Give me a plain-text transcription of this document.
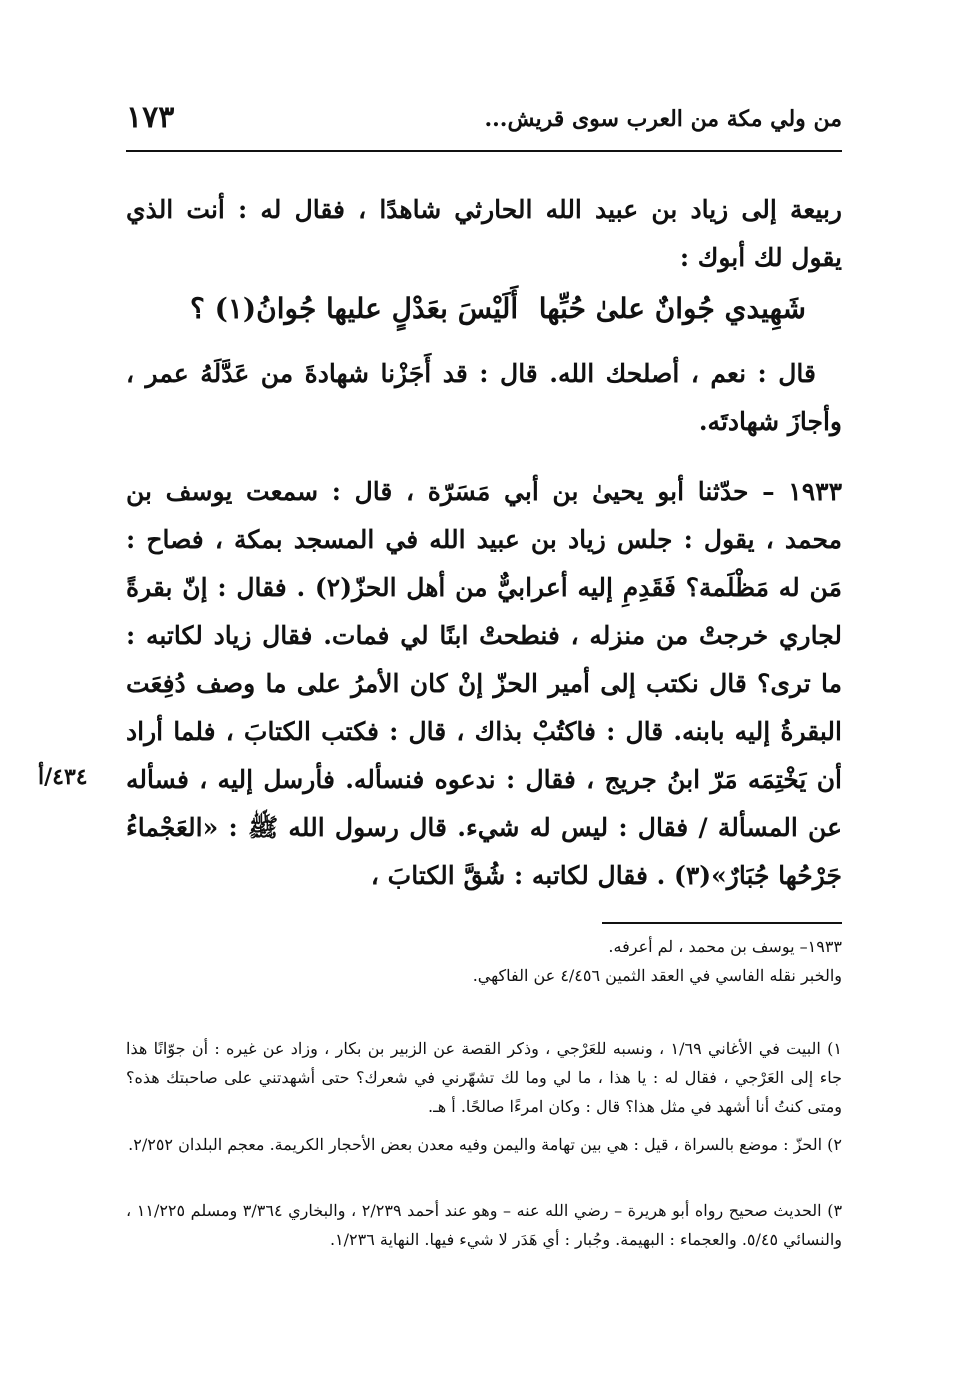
من ولي مكة من العرب سوى قريش...
١٧٣
ربيعة إلى زياد بن عبيد الله الحارثي شاهدًا ، فقال له : أنت الذي يقول لك أبوك :
شَهِيدي جُوانٌ علىٰ حُبِّها
أَلَيْسَ بعَدْلٍ عليها جُوانُ(١) ؟
قال : نعم ، أصلحك الله. قال : قد أَجَزْنا شهادةَ من عَدَّلَهُ عمر ، وأجازَ شهادتَه.
١٩٣٣ – حدّثنا أبو يحيىٰ بن أبي مَسَرّة ، قال : سمعت يوسف بن محمد ، يقول : جلس زياد بن عبيد الله في المسجد بمكة ، فصاح : مَن له مَظْلَمة؟ فَقَدِمِ إليه أعرابيٌّ من أهل الحزّ(٢) . فقال : إنّ بقرةً لجاري خرجتْ من منزله ، فنطحتْ ابنًا لي فمات. فقال زياد لكاتبه : ما ترى؟ قال نكتب إلى أمير الحزّ إنْ كان الأمرُ على ما وصف دُفِعَت البقرةُ إليه بابنه. قال : فاكتُبْ بذاك ، قال : فكتب الكتابَ ، فلما أراد أن يَخْتِمَه مَرّ ابنُ جريج ، فقال : ندعوه فنسأله. فأرسل إليه ، فسأله عن المسألة / فقال : ليس له شيء. قال رسول الله ﷺ : «العَجْماءُ جَرْحُها جُبَارٌ»(٣) . فقال لكاتبه : شُقَّ الكتابَ ،
٤٣٤/أ
١٩٣٣– يوسف بن محمد ، لم أعرفه.
والخبر نقله الفاسي في العقد الثمين ٤/٤٥٦ عن الفاكهي.
١) البيت في الأغاني ١/٦٩ ، ونسبه للعَرْجي ، وذكر القصة عن الزبير بن بكار ، وزاد عن غيره : أن جوّانًا هذا جاء إلى العَرْجي ، فقال له : يا هذا ، ما لي وما لك تشهّرني في شعرك؟ حتى أشهدتني على صاحبتك هذه؟ ومتى كنتُ أنا أشهد في مثل هذا؟ قال : وكان امرءًا صالحًا. أ هـ.
٢) الحزّ : موضع بالسراة ، قيل : هي بين تهامة واليمن وفيه معدن بعض الأحجار الكريمة. معجم البلدان ٢/٢٥٢.
٣) الحديث صحيح رواه أبو هريرة – رضي الله عنه – وهو عند أحمد ٢/٢٣٩ ، والبخاري ٣/٣٦٤ ومسلم ١١/٢٢٥ ، والنسائي ٥/٤٥. والعجماء : البهيمة. وجُبار : أي هَدَر لا شيء فيها. النهاية ١/٢٣٦.
